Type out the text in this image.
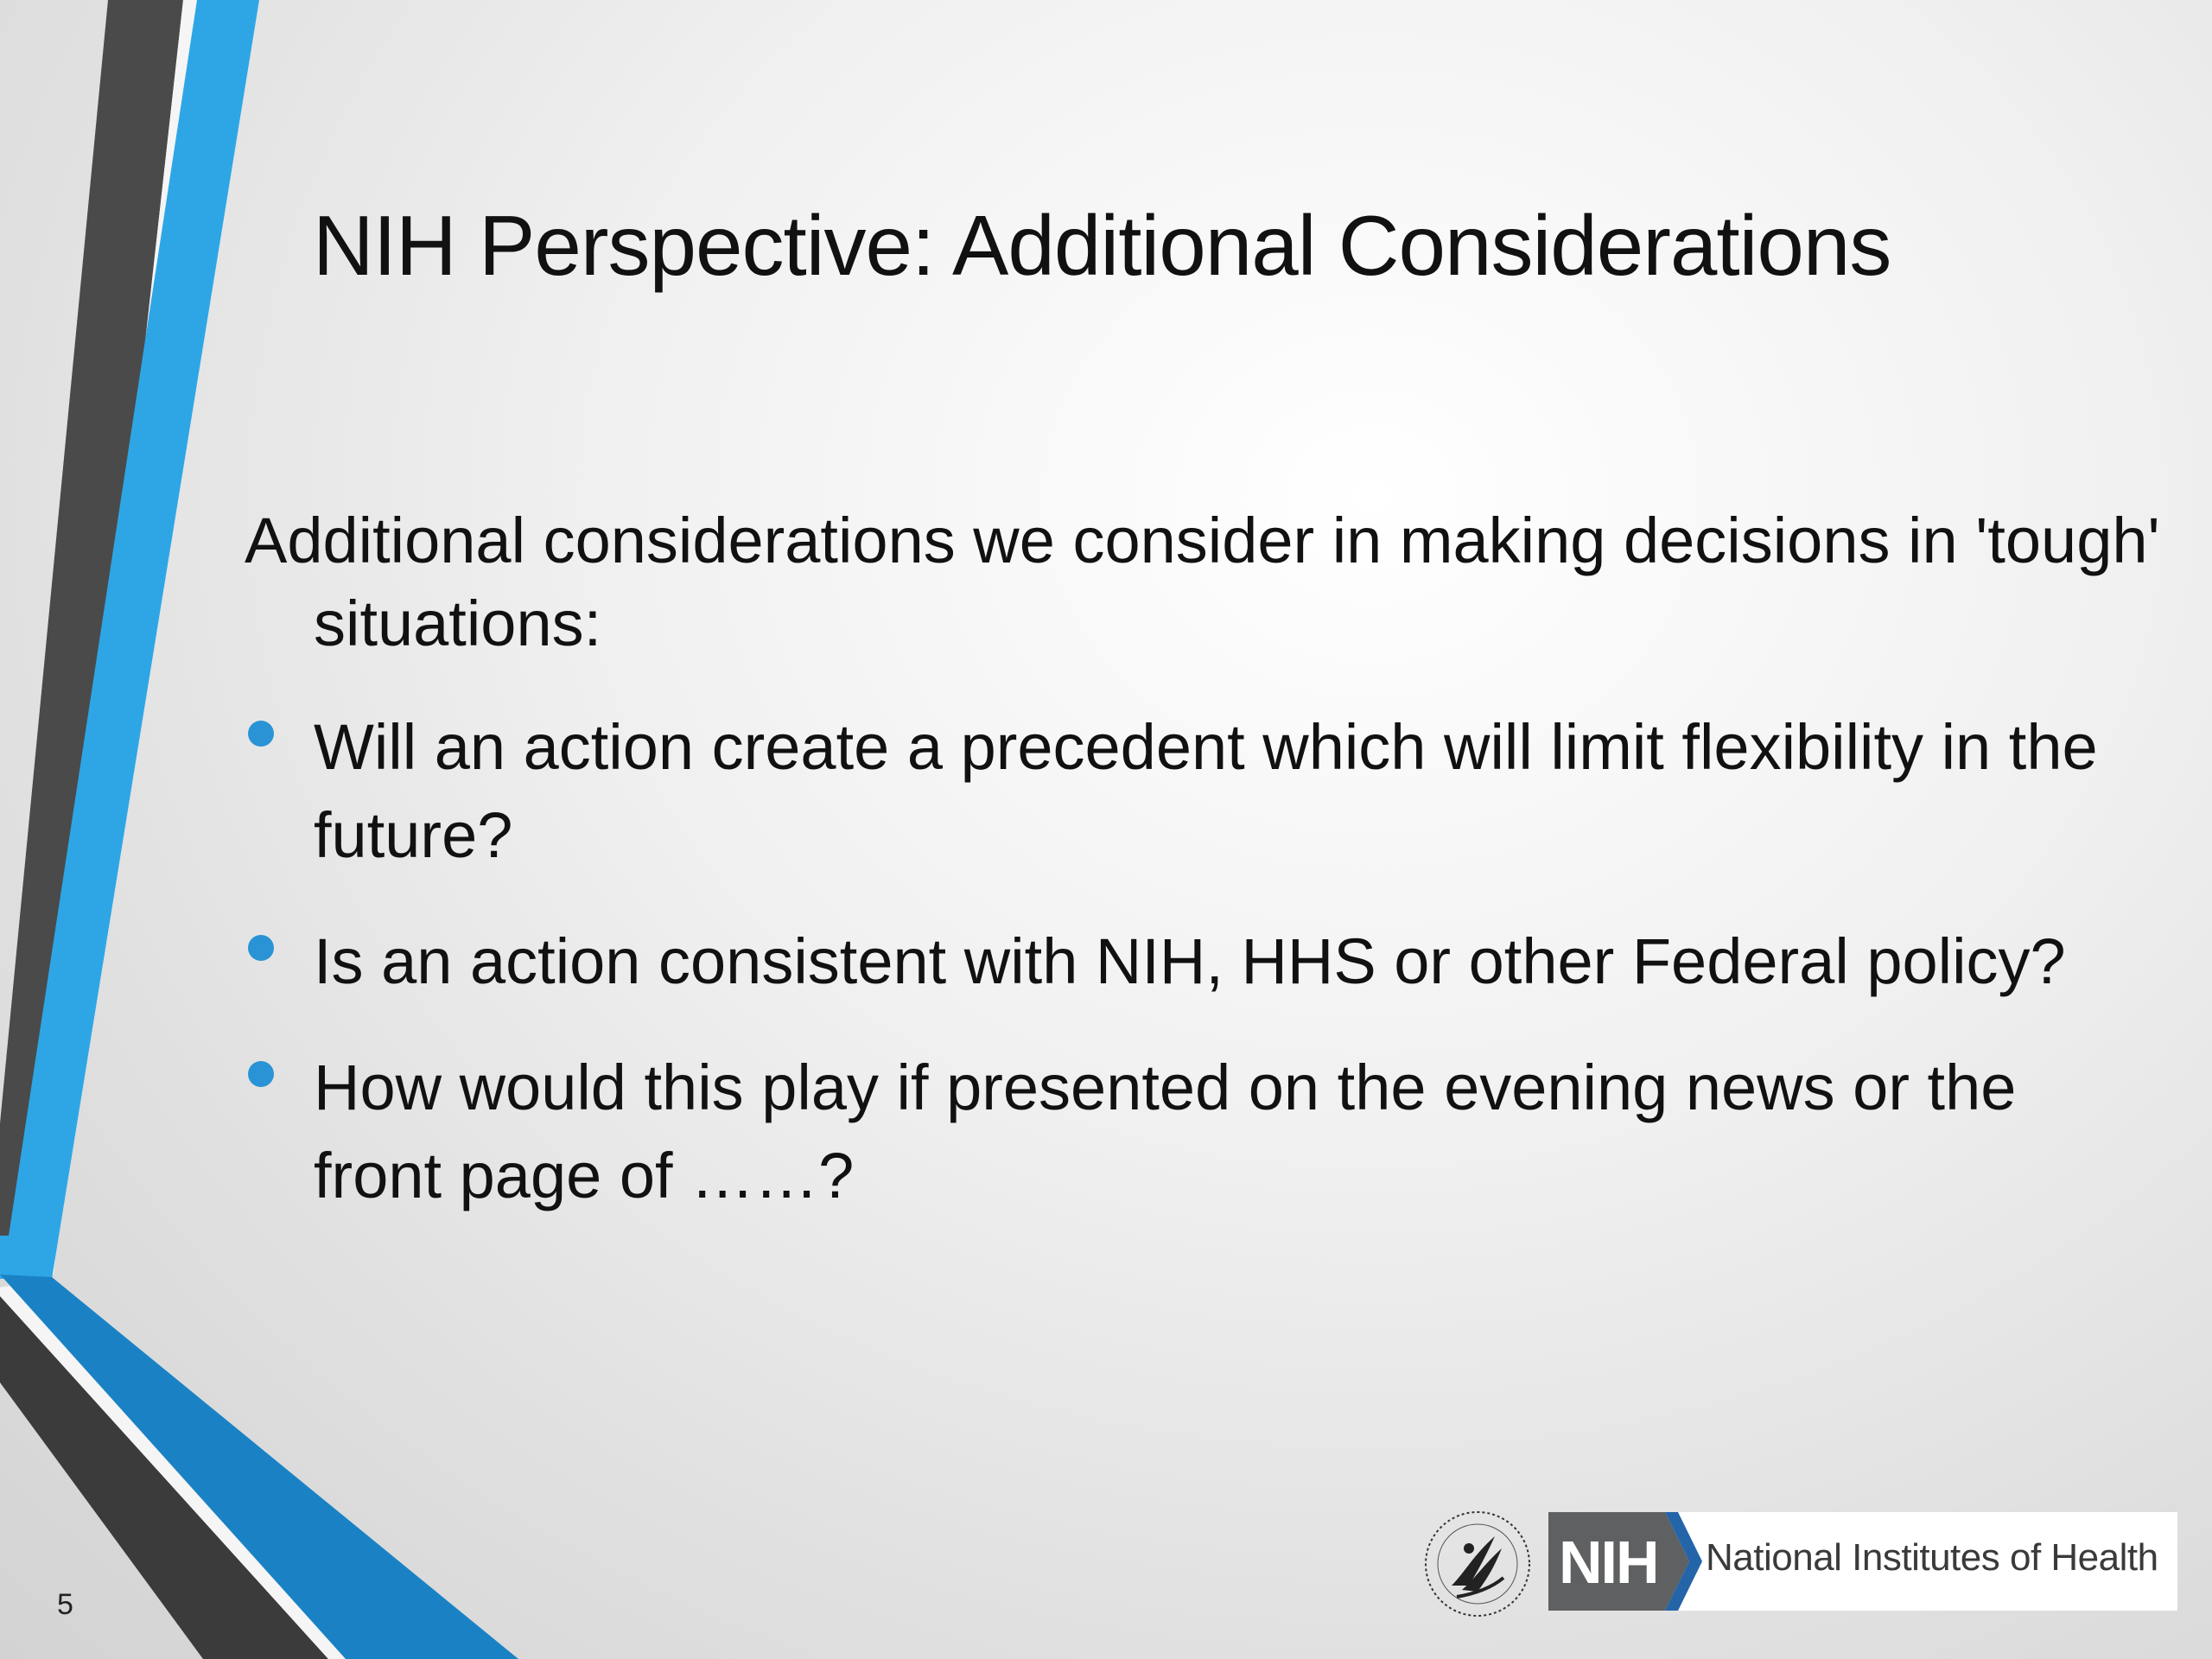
NIH Perspective: Additional Considerations
Additional considerations we consider in making decisions in 'tough' situations:
Will an action create a precedent which will limit flexibility in the future?
Is an action consistent with NIH, HHS or other Federal policy?
How would this play if presented on the evening news or the front page of ……?
5
NIH National Institutes of Health
